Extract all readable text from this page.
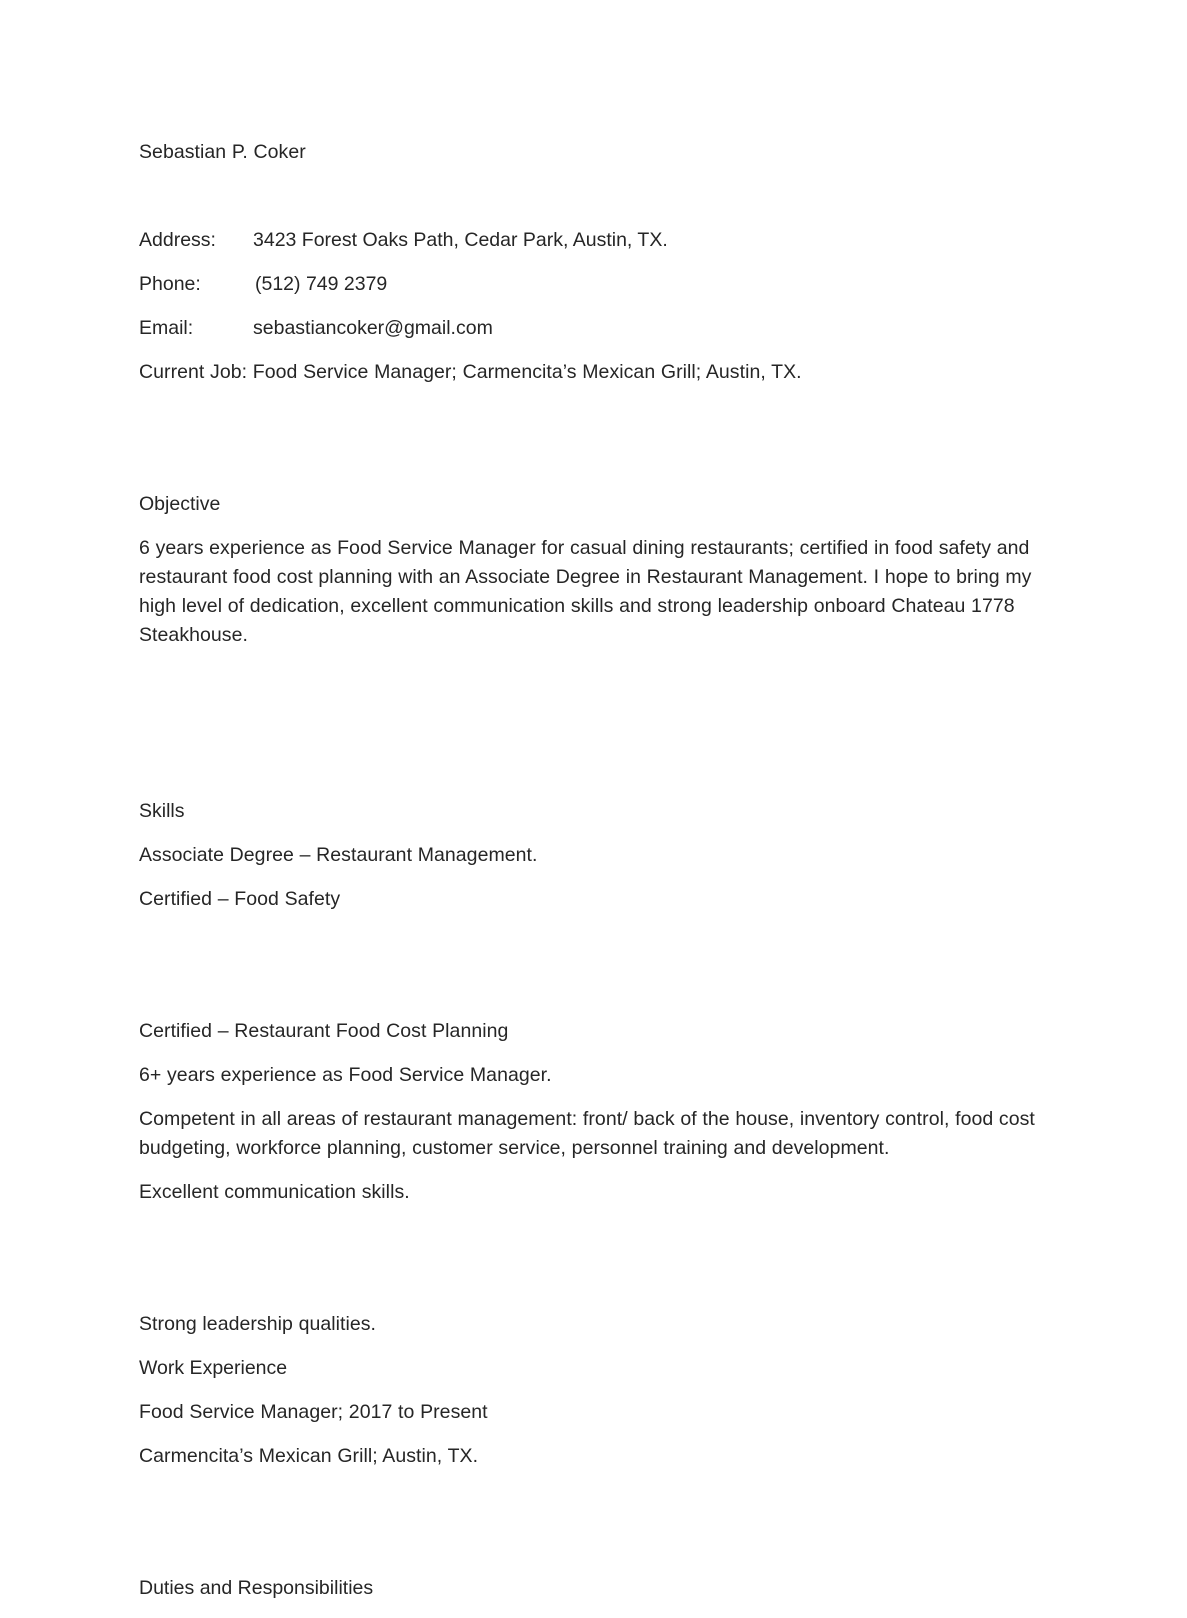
Sebastian P. Coker
Address: 3423 Forest Oaks Path, Cedar Park, Austin, TX.
Phone:	(512) 749 2379
Email:	sebastiancoker@gmail.com
Current Job: Food Service Manager; Carmencita’s Mexican Grill; Austin, TX.
Objective
6 years experience as Food Service Manager for casual dining restaurants; certified in food safety and restaurant food cost planning with an Associate Degree in Restaurant Management. I hope to bring my high level of dedication, excellent communication skills and strong leadership onboard Chateau 1778 Steakhouse.
Skills
Associate Degree – Restaurant Management.
Certified – Food Safety
Certified – Restaurant Food Cost Planning
6+ years experience as Food Service Manager.
Competent in all areas of restaurant management: front/ back of the house, inventory control, food cost budgeting, workforce planning, customer service, personnel training and development.
Excellent communication skills.
Strong leadership qualities.
Work Experience
Food Service Manager; 2017 to Present
Carmencita’s Mexican Grill; Austin, TX.
Duties and Responsibilities
